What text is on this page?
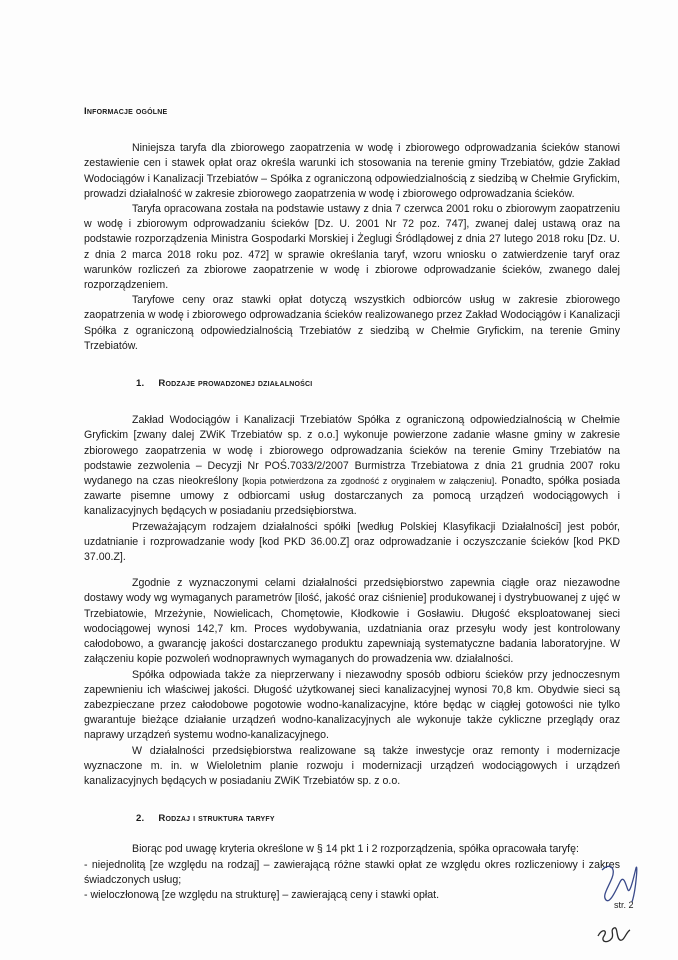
Informacje ogólne

Niniejsza taryfa dla zbiorowego zaopatrzenia w wodę i zbiorowego odprowadzania ścieków stanowi zestawienie cen i stawek opłat oraz określa warunki ich stosowania na terenie gminy Trzebiatów, gdzie Zakład Wodociągów i Kanalizacji Trzebiatów – Spółka z ograniczoną odpowiedzialnością z siedzibą w Chełmie Gryfickim, prowadzi działalność w zakresie zbiorowego zaopatrzenia w wodę i zbiorowego odprowadzania ścieków.

Taryfa opracowana została na podstawie ustawy z dnia 7 czerwca 2001 roku o zbiorowym zaopatrzeniu w wodę i zbiorowym odprowadzaniu ścieków [Dz. U. 2001 Nr 72 poz. 747], zwanej dalej ustawą oraz na podstawie rozporządzenia Ministra Gospodarki Morskiej i Żeglugi Śródlądowej z dnia 27 lutego 2018 roku [Dz. U. z dnia 2 marca 2018 roku poz. 472] w sprawie określania taryf, wzoru wniosku o zatwierdzenie taryf oraz warunków rozliczeń za zbiorowe zaopatrzenie w wodę i zbiorowe odprowadzanie ścieków, zwanego dalej rozporządzeniem.

Taryfowe ceny oraz stawki opłat dotyczą wszystkich odbiorców usług w zakresie zbiorowego zaopatrzenia w wodę i zbiorowego odprowadzania ścieków realizowanego przez Zakład Wodociągów i Kanalizacji Spółka z ograniczoną odpowiedzialnością Trzebiatów z siedzibą w Chełmie Gryfickim, na terenie Gminy Trzebiatów.

1. Rodzaje prowadzonej działalności

Zakład Wodociągów i Kanalizacji Trzebiatów Spółka z ograniczoną odpowiedzialnością w Chełmie Gryfickim [zwany dalej ZWiK Trzebiatów sp. z o.o.] wykonuje powierzone zadanie własne gminy w zakresie zbiorowego zaopatrzenia w wodę i zbiorowego odprowadzania ścieków na terenie Gminy Trzebiatów na podstawie zezwolenia – Decyzji Nr POŚ.7033/2/2007 Burmistrza Trzebiatowa z dnia 21 grudnia 2007 roku wydanego na czas nieokreślony [kopia potwierdzona za zgodność z oryginałem w załączeniu]. Ponadto, spółka posiada zawarte pisemne umowy z odbiorcami usług dostarczanych za pomocą urządzeń wodociągowych i kanalizacyjnych będących w posiadaniu przedsiębiorstwa.

Przeważającym rodzajem działalności spółki [według Polskiej Klasyfikacji Działalności] jest pobór, uzdatnianie i rozprowadzanie wody [kod PKD 36.00.Z] oraz odprowadzanie i oczyszczanie ścieków [kod PKD 37.00.Z].

Zgodnie z wyznaczonymi celami działalności przedsiębiorstwo zapewnia ciągłe oraz niezawodne dostawy wody wg wymaganych parametrów [ilość, jakość oraz ciśnienie] produkowanej i dystrybuowanej z ujęć w Trzebiatowie, Mrzeżynie, Nowielicach, Chomętowie, Kłodkowie i Gosławiu. Długość eksploatowanej sieci wodociągowej wynosi 142,7 km. Proces wydobywania, uzdatniania oraz przesyłu wody jest kontrolowany całodobowo, a gwarancję jakości dostarczanego produktu zapewniają systematyczne badania laboratoryjne. W załączeniu kopie pozwoleń wodnoprawnych wymaganych do prowadzenia ww. działalności.

Spółka odpowiada także za nieprzerwany i niezawodny sposób odbioru ścieków przy jednoczesnym zapewnieniu ich właściwej jakości. Długość użytkowanej sieci kanalizacyjnej wynosi 70,8 km. Obydwie sieci są zabezpieczane przez całodobowe pogotowie wodno-kanalizacyjne, które będąc w ciągłej gotowości nie tylko gwarantuje bieżące działanie urządzeń wodno-kanalizacyjnych ale wykonuje także cykliczne przeglądy oraz naprawy urządzeń systemu wodno-kanalizacyjnego.

W działalności przedsiębiorstwa realizowane są także inwestycje oraz remonty i modernizacje wyznaczone m. in. w Wieloletnim planie rozwoju i modernizacji urządzeń wodociągowych i urządzeń kanalizacyjnych będących w posiadaniu ZWiK Trzebiatów sp. z o.o.

2. Rodzaj i struktura taryfy

Biorąc pod uwagę kryteria określone w § 14 pkt 1 i 2 rozporządzenia, spółka opracowała taryfę:

- niejednolitą [ze względu na rodzaj] – zawierającą różne stawki opłat ze względu okres rozliczeniowy i zakres świadczonych usług;

- wieloczłonową [ze względu na strukturę] – zawierającą ceny i stawki opłat.

str. 2
